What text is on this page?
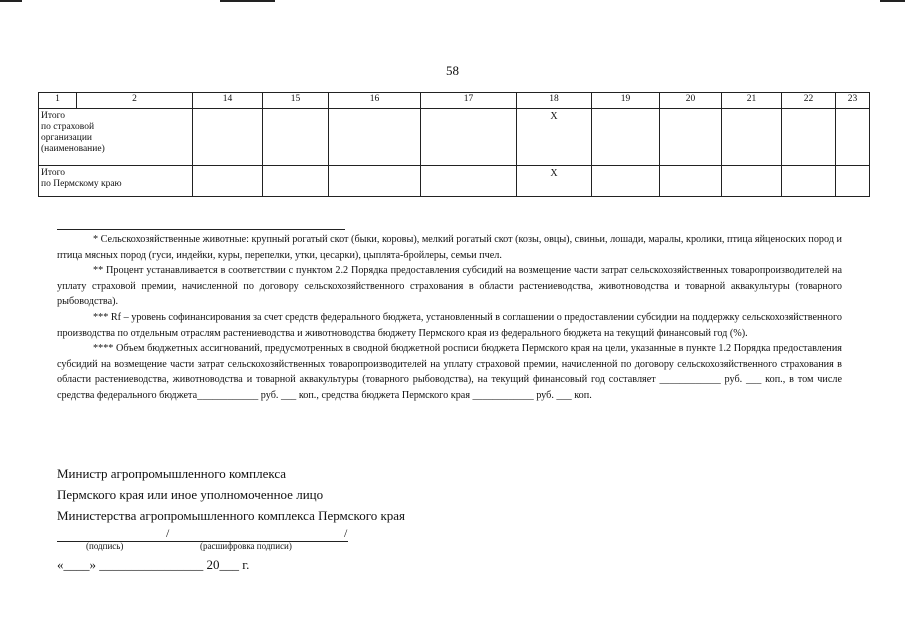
58
1	2	14	15	16	17	18	19	20	21	22	23
Итого
по страховой
организации
(наименование)						Х					
Итого
по Пермскому краю						Х					

* Сельскохозяйственные животные: крупный рогатый скот (быки, коровы), мелкий рогатый скот (козы, овцы), свиньи, лошади, маралы, кролики, птица яйценоских пород и птица мясных пород (гуси, индейки, куры, перепелки, утки, цесарки), цыплята-бройлеры, семьи пчел.

** Процент устанавливается в соответствии с пунктом 2.2 Порядка предоставления субсидий на возмещение части затрат сельскохозяйственных товаропроизводителей на уплату страховой премии, начисленной по договору сельскохозяйственного страхования в области растениеводства, животноводства и товарной аквакультуры (товарного рыбоводства).

*** Rf – уровень софинансирования за счет средств федерального бюджета, установленный в соглашении о предоставлении субсидии на поддержку сельскохозяйственного производства по отдельным отраслям растениеводства и животноводства бюджету Пермского края из федерального бюджета на текущий финансовый год (%).

**** Объем бюджетных ассигнований, предусмотренных в сводной бюджетной росписи бюджета Пермского края на цели, указанные в пункте 1.2 Порядка предоставления субсидий на возмещение части затрат сельскохозяйственных товаропроизводителей на уплату страховой премии, начисленной по договору сельскохозяйственного страхования в области растениеводства, животноводства и товарной аквакультуры (товарного рыбоводства), на текущий финансовый год составляет ____________ руб. ___ коп., в том числе средства федерального бюджета____________ руб. ___ коп., средства бюджета Пермского края ____________ руб. ___ коп.

Министр агропромышленного комплекса
Пермского края или иное уполномоченное лицо
Министерства агропромышленного комплекса Пермского края
/	/
(подпись)	(расшифровка подписи)
«____» ________________ 20___ г.
